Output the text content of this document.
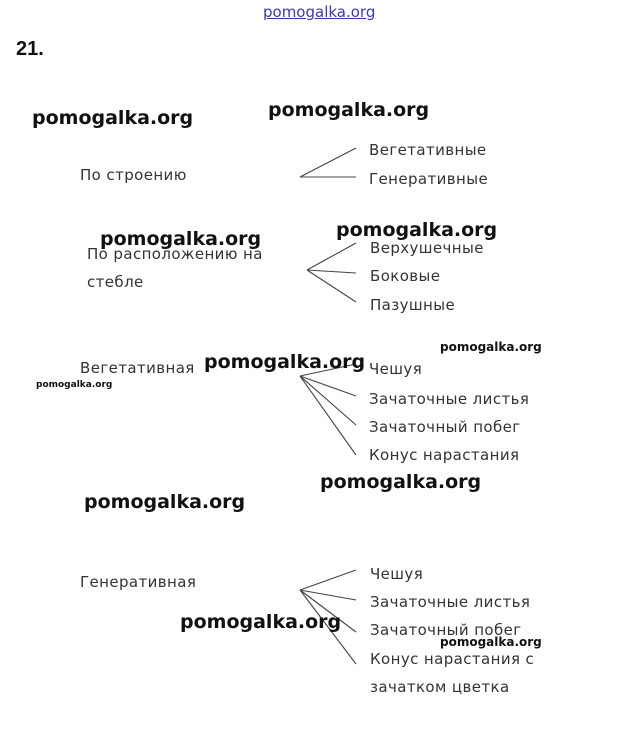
pomogalka.org
21.
По строению
Вегетативные
Генеративные
По расположению на
стебле
Верхушечные
Боковые
Пазушные
Вегетативная	Чешуя
Зачаточные листья
Зачаточный побег
Конус нарастания
Генеративная	Чешуя
Зачаточные листья
Зачаточный побег
Конус нарастания с
зачатком цветка
pomogalka.org	pomogalka.org
pomogalka.org	pomogalka.org
pomogalka.org
pomogalka.org
pomogalka.org
pomogalka.org
pomogalka.org
pomogalka.org
pomogalka.org
